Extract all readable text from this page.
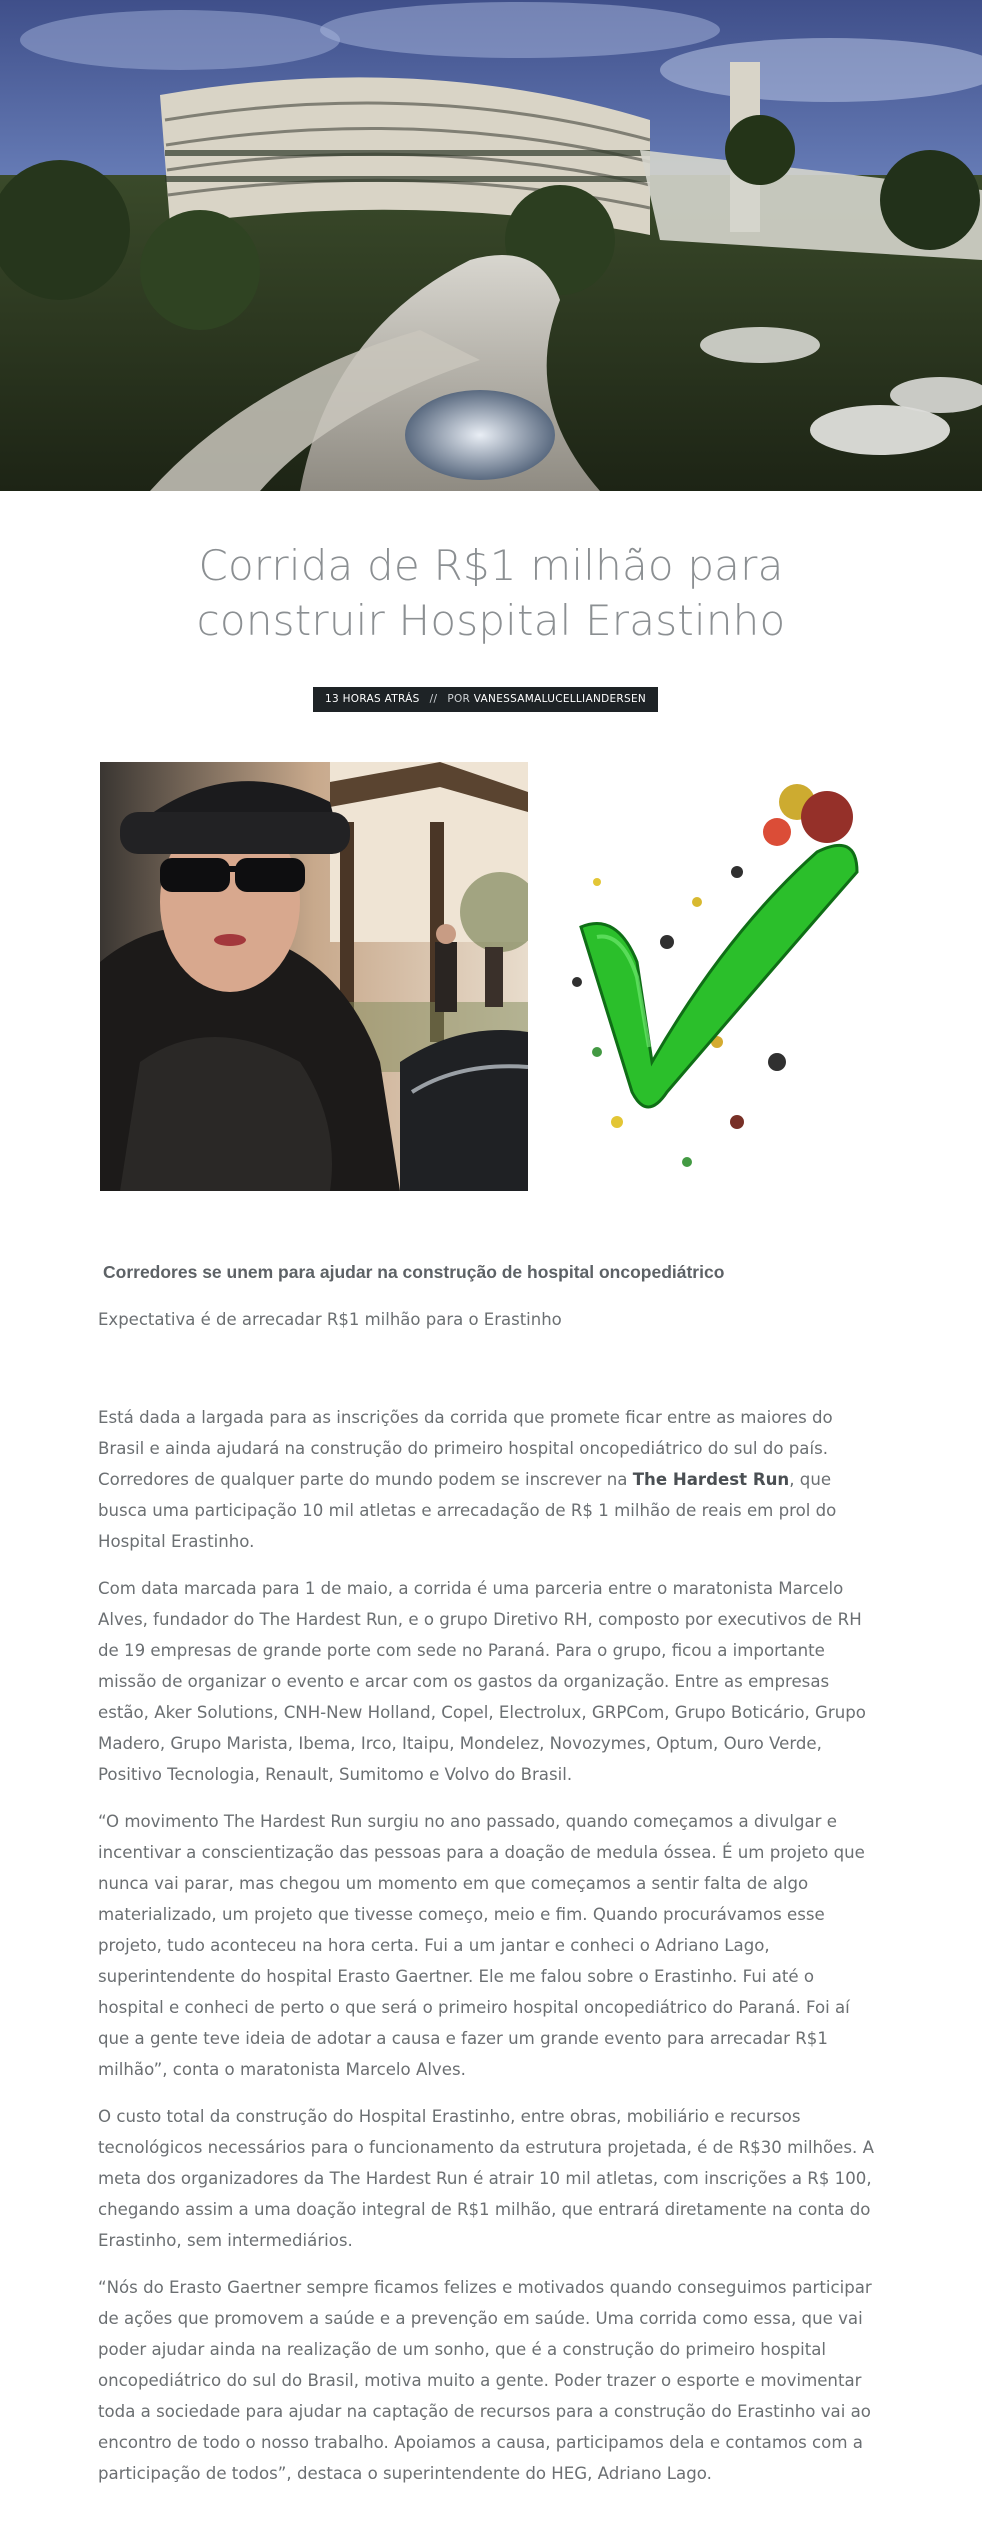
Corrida de R$1 milhão para construir Hospital Erastinho
13 HORAS ATRÁS // POR VANESSAMALUCELLIANDERSEN

Corredores se unem para ajudar na construção de hospital oncopediátrico

Expectativa é de arrecadar R$1 milhão para o Erastinho

Está dada a largada para as inscrições da corrida que promete ficar entre as maiores do Brasil e ainda ajudará na construção do primeiro hospital oncopediátrico do sul do país. Corredores de qualquer parte do mundo podem se inscrever na The Hardest Run, que busca uma participação 10 mil atletas e arrecadação de R$ 1 milhão de reais em prol do Hospital Erastinho.

Com data marcada para 1 de maio, a corrida é uma parceria entre o maratonista Marcelo Alves, fundador do The Hardest Run, e o grupo Diretivo RH, composto por executivos de RH de 19 empresas de grande porte com sede no Paraná. Para o grupo, ficou a importante missão de organizar o evento e arcar com os gastos da organização. Entre as empresas estão, Aker Solutions, CNH-New Holland, Copel, Electrolux, GRPCom, Grupo Boticário, Grupo Madero, Grupo Marista, Ibema, Irco, Itaipu, Mondelez, Novozymes, Optum, Ouro Verde, Positivo Tecnologia, Renault, Sumitomo e Volvo do Brasil.

“O movimento The Hardest Run surgiu no ano passado, quando começamos a divulgar e incentivar a conscientização das pessoas para a doação de medula óssea. É um projeto que nunca vai parar, mas chegou um momento em que começamos a sentir falta de algo materializado, um projeto que tivesse começo, meio e fim. Quando procurávamos esse projeto, tudo aconteceu na hora certa. Fui a um jantar e conheci o Adriano Lago, superintendente do hospital Erasto Gaertner. Ele me falou sobre o Erastinho. Fui até o hospital e conheci de perto o que será o primeiro hospital oncopediátrico do Paraná. Foi aí que a gente teve ideia de adotar a causa e fazer um grande evento para arrecadar R$1 milhão”, conta o maratonista Marcelo Alves.

O custo total da construção do Hospital Erastinho, entre obras, mobiliário e recursos tecnológicos necessários para o funcionamento da estrutura projetada, é de R$30 milhões. A meta dos organizadores da The Hardest Run é atrair 10 mil atletas, com inscrições a R$ 100, chegando assim a uma doação integral de R$1 milhão, que entrará diretamente na conta do Erastinho, sem intermediários.

“Nós do Erasto Gaertner sempre ficamos felizes e motivados quando conseguimos participar de ações que promovem a saúde e a prevenção em saúde. Uma corrida como essa, que vai poder ajudar ainda na realização de um sonho, que é a construção do primeiro hospital oncopediátrico do sul do Brasil, motiva muito a gente. Poder trazer o esporte e movimentar toda a sociedade para ajudar na captação de recursos para a construção do Erastinho vai ao encontro de todo o nosso trabalho. Apoiamos a causa, participamos dela e contamos com a participação de todos”, destaca o superintendente do HEG, Adriano Lago.
